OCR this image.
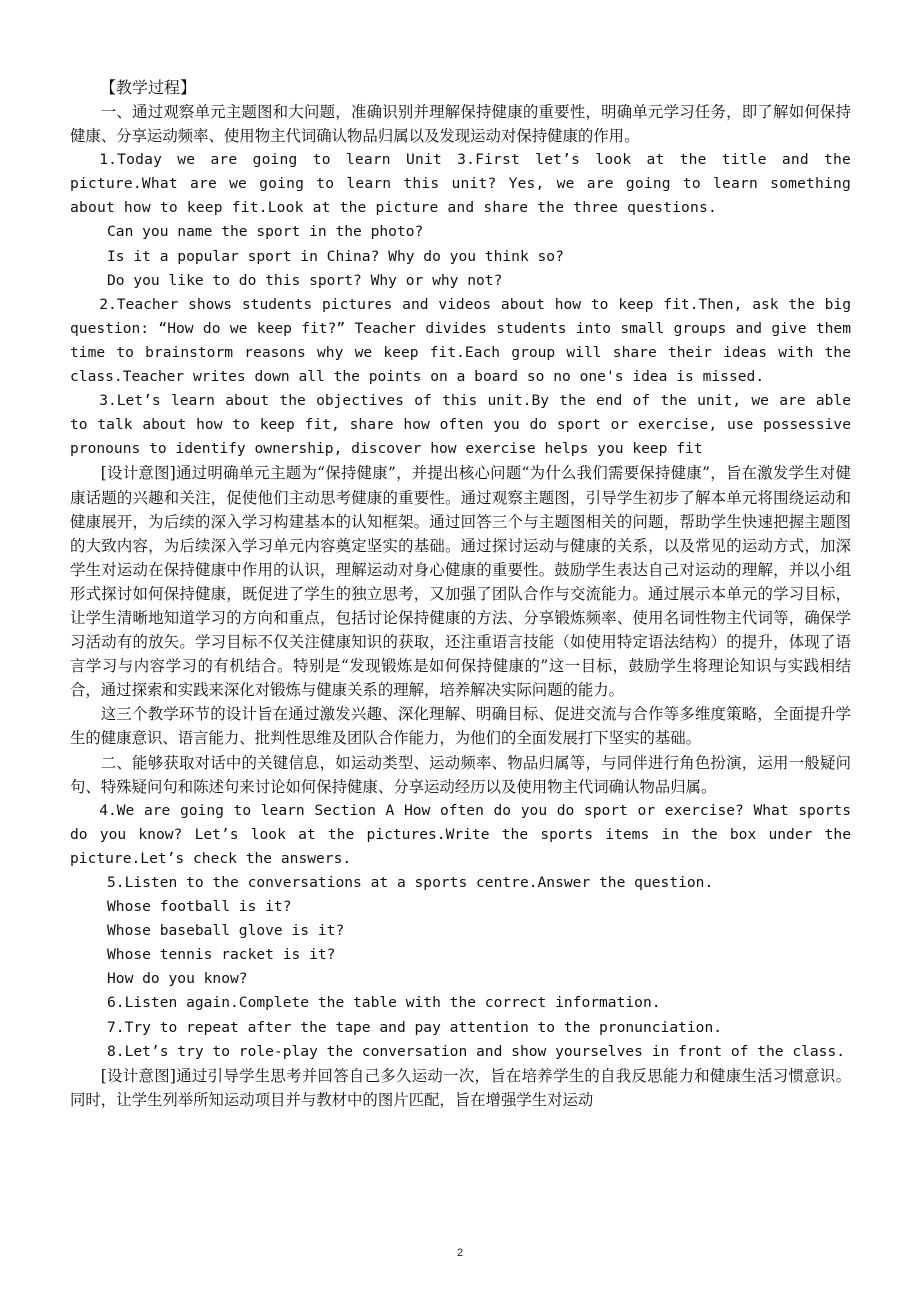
【教学过程】

一、通过观察单元主题图和大问题，准确识别并理解保持健康的重要性，明确单元学习任务，即了解如何保持健康、分享运动频率、使用物主代词确认物品归属以及发现运动对保持健康的作用。

1.Today we are going to learn Unit 3.First let’s look at the title and the picture.What are we going to learn this unit? Yes, we are going to learn something about how to keep fit.Look at the picture and share the three questions.

Can you name the sport in the photo?

Is it a popular sport in China? Why do you think so?

Do you like to do this sport? Why or why not?

2.Teacher shows students pictures and videos about how to keep fit.Then, ask the big question: “How do we keep fit?” Teacher divides students into small groups and give them time to brainstorm reasons why we keep fit.Each group will share their ideas with the class.Teacher writes down all the points on a board so no one's idea is missed.

3.Let’s learn about the objectives of this unit.By the end of the unit, we are able to talk about how to keep fit, share how often you do sport or exercise, use possessive pronouns to identify ownership, discover how exercise helps you keep fit

[设计意图]通过明确单元主题为“保持健康”，并提出核心问题“为什么我们需要保持健康”，旨在激发学生对健康话题的兴趣和关注，促使他们主动思考健康的重要性。通过观察主题图，引导学生初步了解本单元将围绕运动和健康展开，为后续的深入学习构建基本的认知框架。通过回答三个与主题图相关的问题，帮助学生快速把握主题图的大致内容，为后续深入学习单元内容奠定坚实的基础。通过探讨运动与健康的关系，以及常见的运动方式，加深学生对运动在保持健康中作用的认识，理解运动对身心健康的重要性。鼓励学生表达自己对运动的理解，并以小组形式探讨如何保持健康，既促进了学生的独立思考，又加强了团队合作与交流能力。通过展示本单元的学习目标，让学生清晰地知道学习的方向和重点，包括讨论保持健康的方法、分享锻炼频率、使用名词性物主代词等，确保学习活动有的放矢。学习目标不仅关注健康知识的获取，还注重语言技能（如使用特定语法结构）的提升，体现了语言学习与内容学习的有机结合。特别是“发现锻炼是如何保持健康的”这一目标，鼓励学生将理论知识与实践相结合，通过探索和实践来深化对锻炼与健康关系的理解，培养解决实际问题的能力。

这三个教学环节的设计旨在通过激发兴趣、深化理解、明确目标、促进交流与合作等多维度策略，全面提升学生的健康意识、语言能力、批判性思维及团队合作能力，为他们的全面发展打下坚实的基础。

二、能够获取对话中的关键信息，如运动类型、运动频率、物品归属等，与同伴进行角色扮演，运用一般疑问句、特殊疑问句和陈述句来讨论如何保持健康、分享运动经历以及使用物主代词确认物品归属。

4.We are going to learn Section A How often do you do sport or exercise? What sports do you know? Let’s look at the pictures.Write the sports items in the box under the picture.Let’s check the answers.

5.Listen to the conversations at a sports centre.Answer the question.

Whose football is it?

Whose baseball glove is it?

Whose tennis racket is it?

How do you know?

6.Listen again.Complete the table with the correct information.

7.Try to repeat after the tape and pay attention to the pronunciation.

8.Let’s try to role-play the conversation and show yourselves in front of the class.

[设计意图]通过引导学生思考并回答自己多久运动一次，旨在培养学生的自我反思能力和健康生活习惯意识。同时，让学生列举所知运动项目并与教材中的图片匹配，旨在增强学生对运动

2
